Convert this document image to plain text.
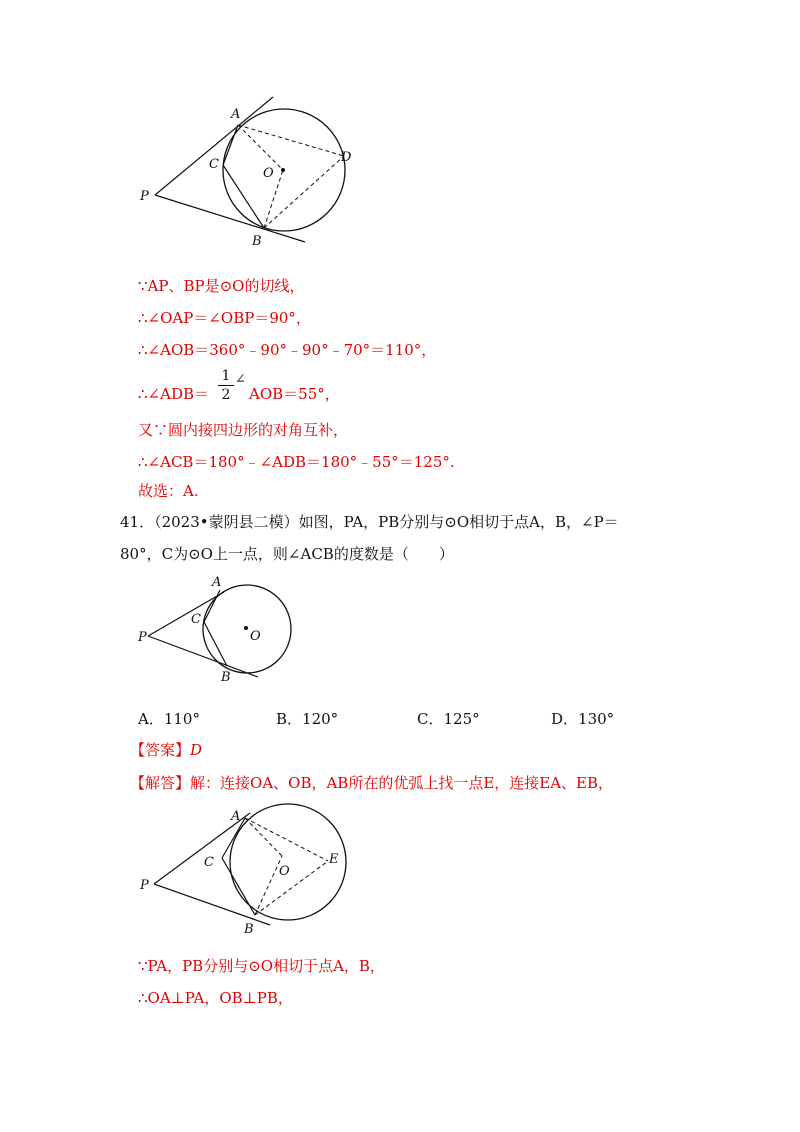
A
C
O
D
P
B
∵AP、BP是⊙O的切线，
∴∠OAP＝∠OBP＝90°，
∴∠AOB＝360°﹣90°﹣90°﹣70°＝110°，
∴∠ADB＝
1
2
∠
AOB＝55°，
又∵圆内接四边形的对角互补，
∴∠ACB＝180°﹣∠ADB＝180°﹣55°＝125°.
故选：A.
41．（2023•蒙阴县二模）如图，PA，PB分别与⊙O相切于点A，B，∠P＝
80°，C为⊙O上一点，则∠ACB的度数是（　　）
A
C
O
P
B
A．110°	B．120°	C．125°	D．130°
【答案】D
【解答】解：连接OA、OB，AB所在的优弧上找一点E，连接EA、EB，
A
C
O
E
P
B
∵PA，PB分别与⊙O相切于点A，B，
∴OA⊥PA，OB⊥PB，
